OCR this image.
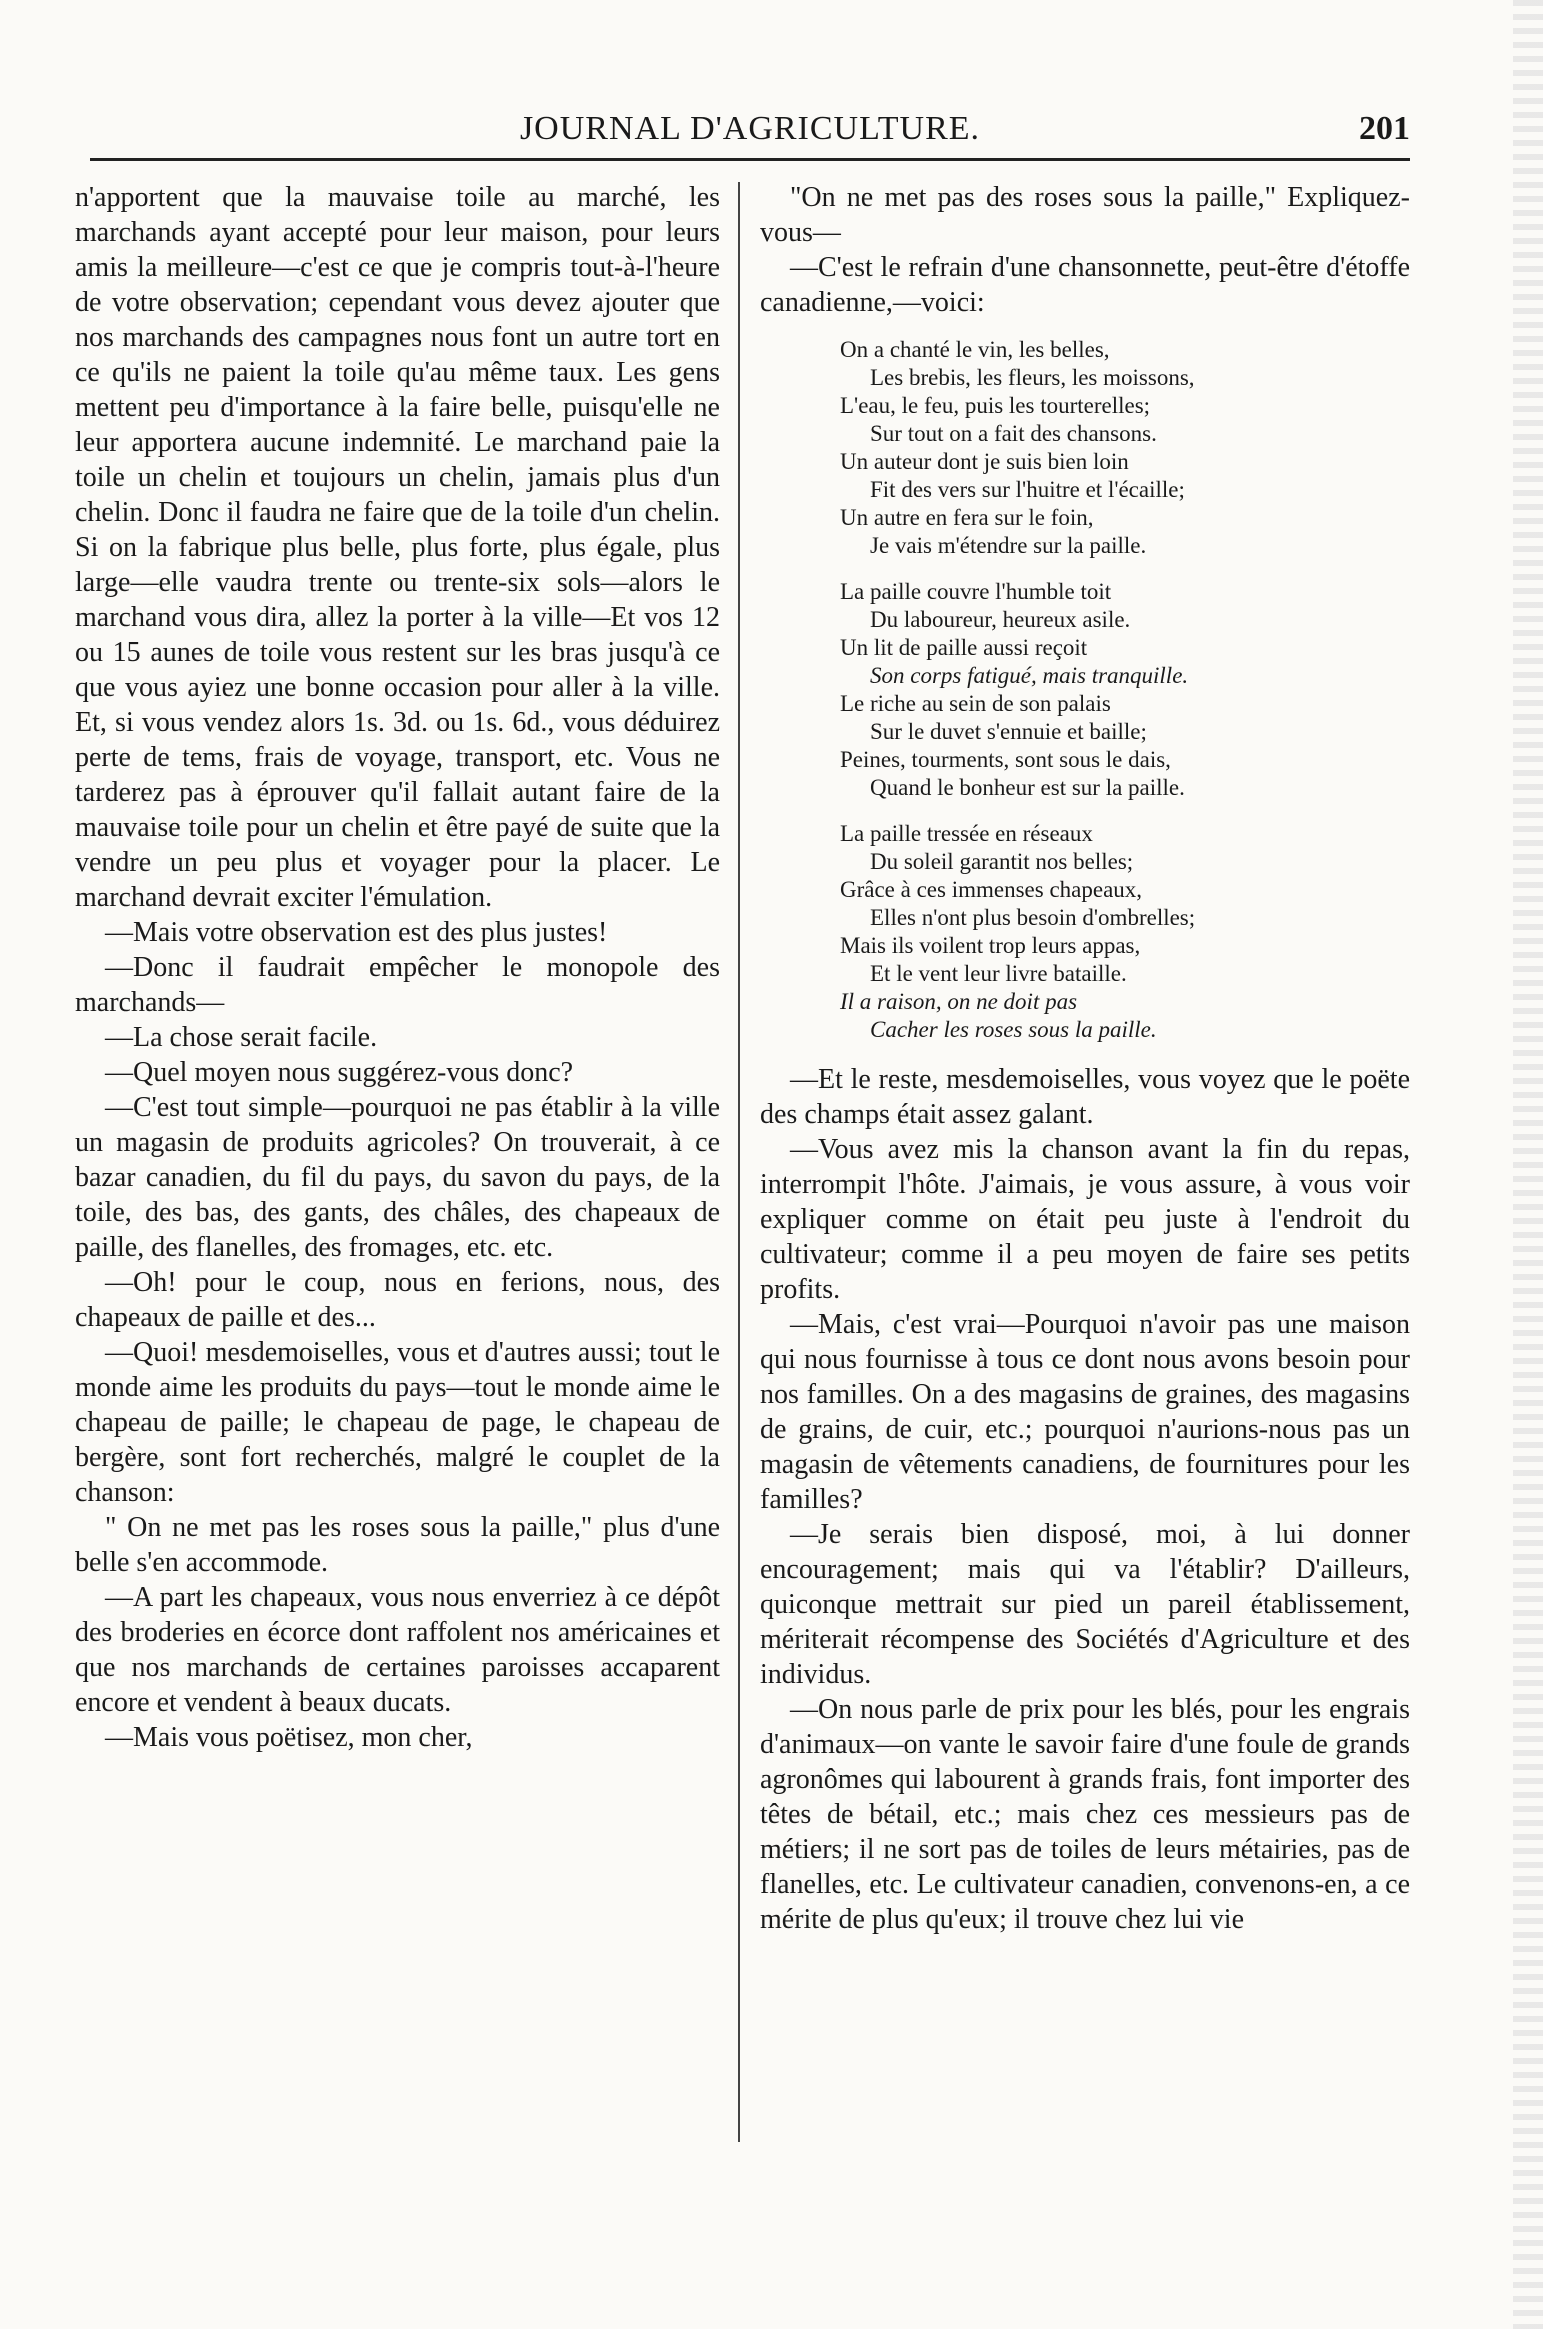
JOURNAL D'AGRICULTURE.	201

n'apportent que la mauvaise toile au marché, les marchands ayant accepté pour leur maison, pour leurs amis la meilleure—c'est ce que je compris tout-à-l'heure de votre observation; cependant vous devez ajouter que nos marchands des campagnes nous font un autre tort en ce qu'ils ne paient la toile qu'au même taux. Les gens mettent peu d'importance à la faire belle, puisqu'elle ne leur apportera aucune indemnité. Le marchand paie la toile un chelin et toujours un chelin, jamais plus d'un chelin. Donc il faudra ne faire que de la toile d'un chelin. Si on la fabrique plus belle, plus forte, plus égale, plus large—elle vaudra trente ou trente-six sols—alors le marchand vous dira, allez la porter à la ville—Et vos 12 ou 15 aunes de toile vous restent sur les bras jusqu'à ce que vous ayiez une bonne occasion pour aller à la ville. Et, si vous vendez alors 1s. 3d. ou 1s. 6d., vous déduirez perte de tems, frais de voyage, transport, etc. Vous ne tarderez pas à éprouver qu'il fallait autant faire de la mauvaise toile pour un chelin et être payé de suite que la vendre un peu plus et voyager pour la placer. Le marchand devrait exciter l'émulation.

—Mais votre observation est des plus justes!

—Donc il faudrait empêcher le monopole des marchands—

—La chose serait facile.

—Quel moyen nous suggérez-vous donc?

—C'est tout simple—pourquoi ne pas établir à la ville un magasin de produits agricoles? On trouverait, à ce bazar canadien, du fil du pays, du savon du pays, de la toile, des bas, des gants, des châles, des chapeaux de paille, des flanelles, des fromages, etc. etc.

—Oh! pour le coup, nous en ferions, nous, des chapeaux de paille et des...

—Quoi! mesdemoiselles, vous et d'autres aussi; tout le monde aime les produits du pays—tout le monde aime le chapeau de paille; le chapeau de page, le chapeau de bergère, sont fort recherchés, malgré le couplet de la chanson:

" On ne met pas les roses sous la paille," plus d'une belle s'en accommode.

—A part les chapeaux, vous nous enverriez à ce dépôt des broderies en écorce dont raffolent nos américaines et que nos marchands de certaines paroisses accaparent encore et vendent à beaux ducats.

—Mais vous poëtisez, mon cher,

"On ne met pas des roses sous la paille," Expliquez-vous—

—C'est le refrain d'une chansonnette, peut-être d'étoffe canadienne,—voici:

On a chanté le vin, les belles,
Les brebis, les fleurs, les moissons,
L'eau, le feu, puis les tourterelles;
Sur tout on a fait des chansons.
Un auteur dont je suis bien loin
Fit des vers sur l'huitre et l'écaille;
Un autre en fera sur le foin,
Je vais m'étendre sur la paille.
La paille couvre l'humble toit
Du laboureur, heureux asile.
Un lit de paille aussi reçoit
Son corps fatigué, mais tranquille.
Le riche au sein de son palais
Sur le duvet s'ennuie et baille;
Peines, tourments, sont sous le dais,
Quand le bonheur est sur la paille.
La paille tressée en réseaux
Du soleil garantit nos belles;
Grâce à ces immenses chapeaux,
Elles n'ont plus besoin d'ombrelles;
Mais ils voilent trop leurs appas,
Et le vent leur livre bataille.
Il a raison, on ne doit pas
Cacher les roses sous la paille.

—Et le reste, mesdemoiselles, vous voyez que le poëte des champs était assez galant.

—Vous avez mis la chanson avant la fin du repas, interrompit l'hôte. J'aimais, je vous assure, à vous voir expliquer comme on était peu juste à l'endroit du cultivateur; comme il a peu moyen de faire ses petits profits.

—Mais, c'est vrai—Pourquoi n'avoir pas une maison qui nous fournisse à tous ce dont nous avons besoin pour nos familles. On a des magasins de graines, des magasins de grains, de cuir, etc.; pourquoi n'aurions-nous pas un magasin de vêtements canadiens, de fournitures pour les familles?

—Je serais bien disposé, moi, à lui donner encouragement; mais qui va l'établir? D'ailleurs, quiconque mettrait sur pied un pareil établissement, mériterait récompense des Sociétés d'Agriculture et des individus.

—On nous parle de prix pour les blés, pour les engrais d'animaux—on vante le savoir faire d'une foule de grands agronômes qui labourent à grands frais, font importer des têtes de bétail, etc.; mais chez ces messieurs pas de métiers; il ne sort pas de toiles de leurs métairies, pas de flanelles, etc. Le cultivateur canadien, convenons-en, a ce mérite de plus qu'eux; il trouve chez lui vie
